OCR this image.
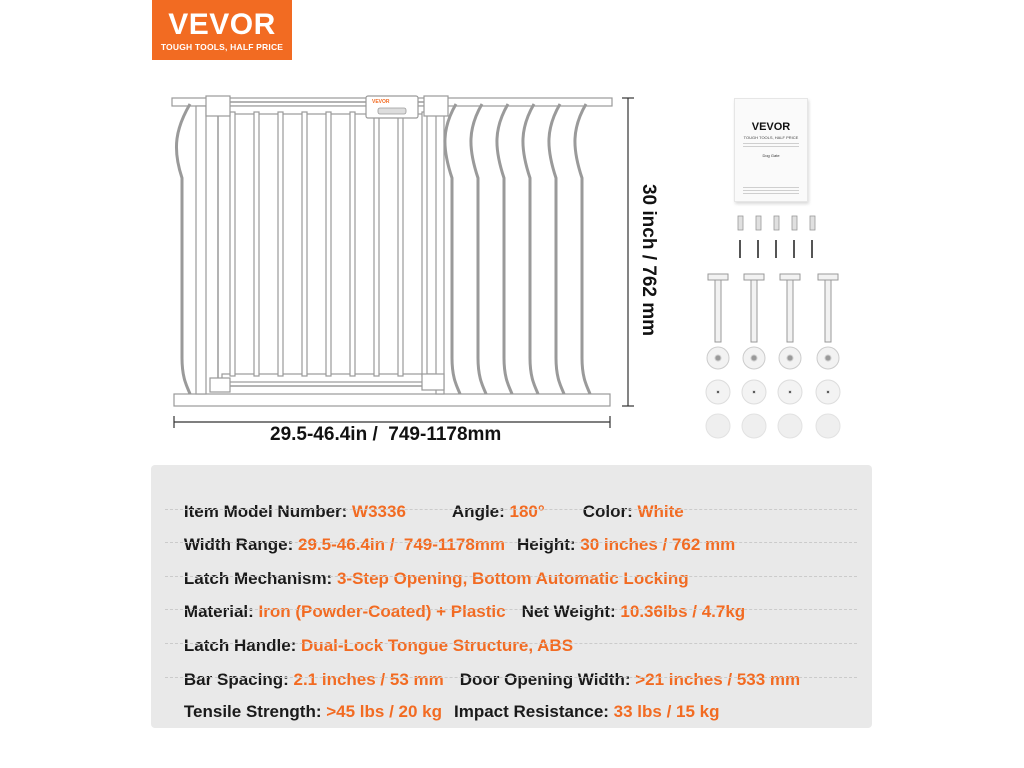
VEVOR
TOUGH TOOLS, HALF PRICE
VEVOR
29.5-46.4in /  749-1178mm
30 inch / 762 mm
VEVOR
TOUGH TOOLS, HALF PRICE
Dog Gate

Item Model Number: W3336	Angle: 180° Color: White

Width Range: 29.5-46.4in /  749-1178mm Height: 30 inches / 762 mm

Latch Mechanism: 3-Step Opening, Bottom Automatic Locking

Material: Iron (Powder-Coated) + Plastic Net Weight: 10.36lbs / 4.7kg

Latch Handle: Dual-Lock Tongue Structure, ABS

Bar Spacing: 2.1 inches / 53 mm Door Opening Width: >21 inches / 533 mm

Tensile Strength: >45 lbs / 20 kg Impact Resistance: 33 lbs / 15 kg
